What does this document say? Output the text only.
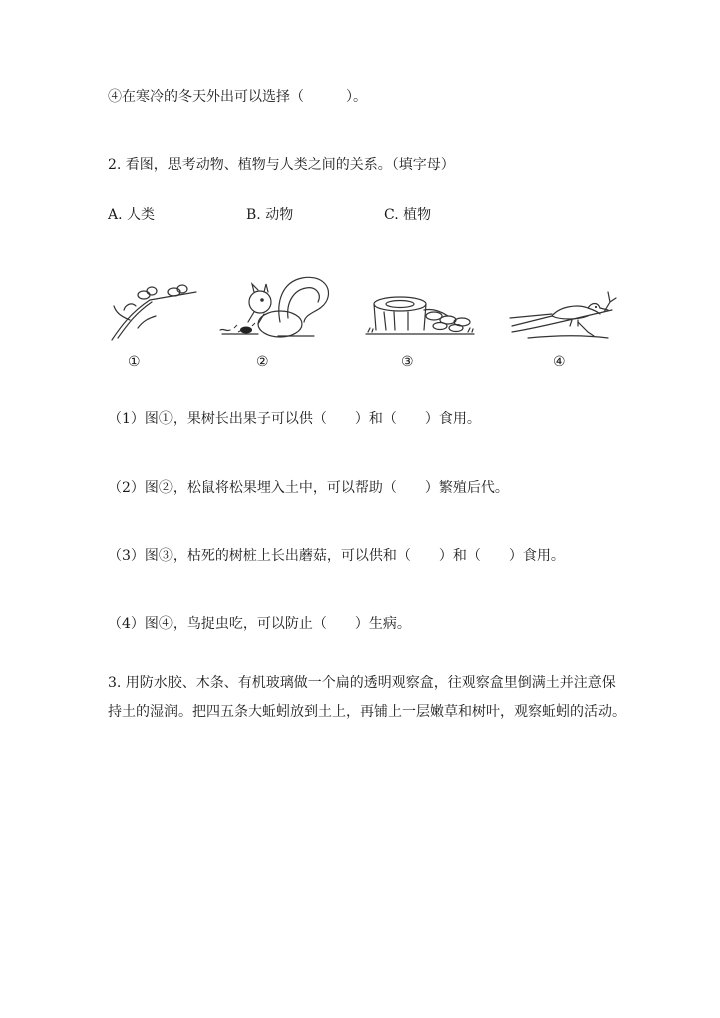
④在寒冷的冬天外出可以选择（　　　）。
2. 看图，思考动物、植物与人类之间的关系。（填字母）

A. 人类

	B. 动物

	C. 植物

①	②	③	④
（1）图①，果树长出果子可以供（　　）和（　　）食用。
（2）图②，松鼠将松果埋入土中，可以帮助（　　）繁殖后代。
（3）图③，枯死的树桩上长出蘑菇，可以供和（　　）和（　　）食用。
（4）图④，鸟捉虫吃，可以防止（　　）生病。
3. 用防水胶、木条、有机玻璃做一个扁的透明观察盒，往观察盒里倒满土并注意保持土的湿润。把四五条大蚯蚓放到土上，再铺上一层嫩草和树叶，观察蚯蚓的活动。
